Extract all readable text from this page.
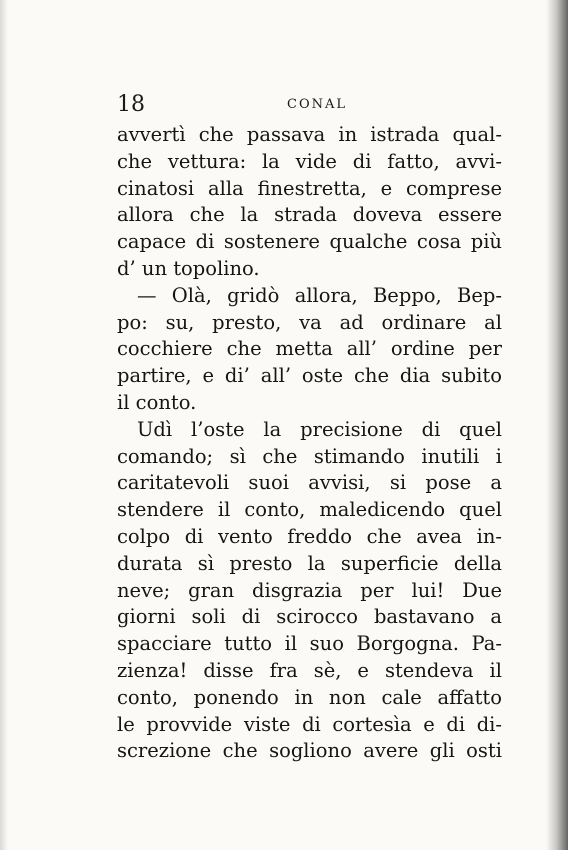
18	CONAL
avvertì che passava in istrada qual-
che vettura: la vide di fatto, avvi-
cinatosi alla finestretta, e comprese
allora che la strada doveva essere
capace di sostenere qualche cosa più
d’ un topolino.
— Olà, gridò allora, Beppo, Bep-
po: su, presto, va ad ordinare al
cocchiere che metta all’ ordine per
partire, e di’ all’ oste che dia subito
il conto.
Udì l’oste la precisione di quel
comando; sì che stimando inutili i
caritatevoli suoi avvisi, si pose a
stendere il conto, maledicendo quel
colpo di vento freddo che avea in-
durata sì presto la superficie della
neve; gran disgrazia per lui! Due
giorni soli di scirocco bastavano a
spacciare tutto il suo Borgogna. Pa-
zienza! disse fra sè, e stendeva il
conto, ponendo in non cale affatto
le provvide viste di cortesìa e di di-
screzione che sogliono avere gli osti
